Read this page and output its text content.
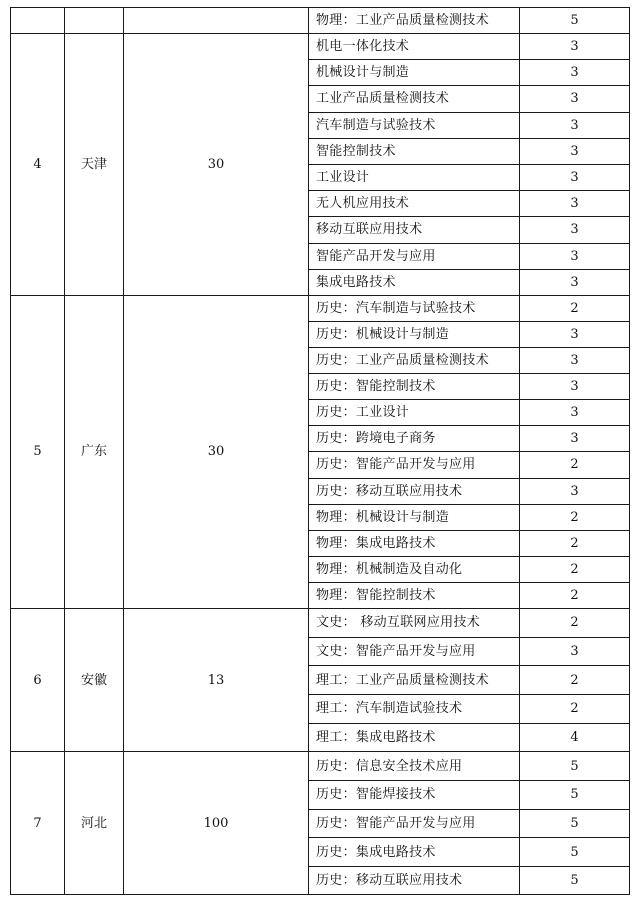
			物理：工业产品质量检测技术	5
4	天津	30	机电一体化技术	3
			机械设计与制造	3
			工业产品质量检测技术	3
			汽车制造与试验技术	3
			智能控制技术	3
			工业设计	3
			无人机应用技术	3
			移动互联应用技术	3
			智能产品开发与应用	3
			集成电路技术	3
5	广东	30	历史：汽车制造与试验技术	2
			历史：机械设计与制造	3
			历史：工业产品质量检测技术	3
			历史：智能控制技术	3
			历史：工业设计	3
			历史：跨境电子商务	3
			历史：智能产品开发与应用	2
			历史：移动互联应用技术	3
			物理：机械设计与制造	2
			物理：集成电路技术	2
			物理：机械制造及自动化	2
			物理：智能控制技术	2
6	安徽	13	文史： 移动互联网应用技术	2
			文史：智能产品开发与应用	3
			理工：工业产品质量检测技术	2
			理工：汽车制造试验技术	2
			理工：集成电路技术	4
7	河北	100	历史：信息安全技术应用	5
			历史：智能焊接技术	5
			历史：智能产品开发与应用	5
			历史：集成电路技术	5
			历史：移动互联应用技术	5
